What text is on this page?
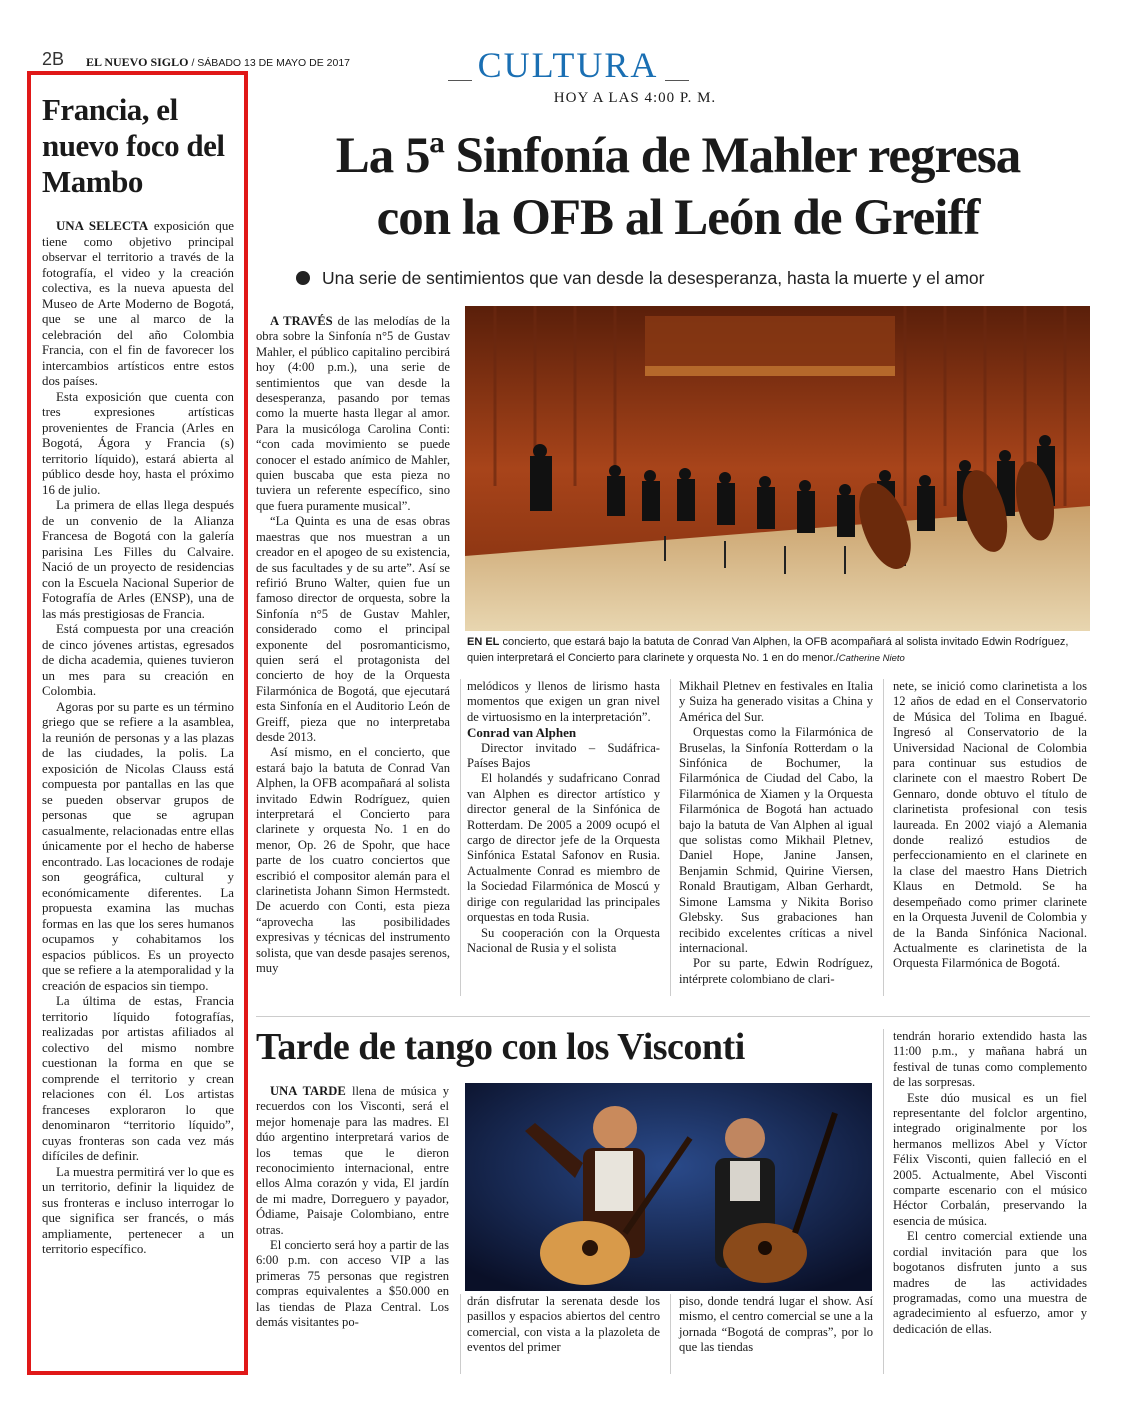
2B EL NUEVO SIGLO / SÁBADO 13 DE MAYO DE 2017	CULTURA
HOY A LAS 4:00 P. M.
La 5ª Sinfonía de Mahler regresa
con la OFB al León de Greiff
Una serie de sentimientos que van desde la desesperanza, hasta la muerte y el amor
Francia, el nuevo foco del Mambo

UNA SELECTA exposición que tiene como objetivo principal observar el territorio a través de la fotografía, el video y la creación colectiva, es la nueva apuesta del Museo de Arte Moderno de Bogotá, que se une al marco de la celebración del año Colombia Francia, con el fin de favorecer los intercambios artísticos entre estos dos países.

Esta exposición que cuenta con tres expresiones artísticas provenientes de Francia (Arles en Bogotá, Ágora y Francia (s) territorio líquido), estará abierta al público desde hoy, hasta el próximo 16 de julio.

La primera de ellas llega después de un convenio de la Alianza Francesa de Bogotá con la galería parisina Les Filles du Calvaire. Nació de un proyecto de residencias con la Escuela Nacional Superior de Fotografía de Arles (ENSP), una de las más prestigiosas de Francia.

Está compuesta por una creación de cinco jóvenes artistas, egresados de dicha academia, quienes tuvieron un mes para su creación en Colombia.

Agoras por su parte es un término griego que se refiere a la asamblea, la reunión de personas y a las plazas de las ciudades, la polis. La exposición de Nicolas Clauss está compuesta por pantallas en las que se pueden observar grupos de personas que se agrupan casualmente, relacionadas entre ellas únicamente por el hecho de haberse encontrado. Las locaciones de rodaje son geográfica, cultural y económicamente diferentes. La propuesta examina las muchas formas en las que los seres humanos ocupamos y cohabitamos los espacios públicos. Es un proyecto que se refiere a la atemporalidad y la creación de espacios sin tiempo.

La última de estas, Francia territorio líquido fotografías, realizadas por artistas afiliados al colectivo del mismo nombre cuestionan la forma en que se comprende el territorio y crean relaciones con él. Los artistas franceses exploraron lo que denominaron “territorio líquido”, cuyas fronteras son cada vez más difíciles de definir.

La muestra permitirá ver lo que es un territorio, definir la liquidez de sus fronteras e incluso interrogar lo que significa ser francés, o más ampliamente, pertenecer a un territorio específico.

A TRAVÉS de las melodías de la obra sobre la Sinfonía n°5 de Gustav Mahler, el público capitalino percibirá hoy (4:00 p.m.), una serie de sentimientos que van desde la desesperanza, pasando por temas como la muerte hasta llegar al amor. Para la musicóloga Carolina Conti: “con cada movimiento se puede conocer el estado anímico de Mahler, quien buscaba que esta pieza no tuviera un referente específico, sino que fuera puramente musical”.

“La Quinta es una de esas obras maestras que nos muestran a un creador en el apogeo de su existencia, de sus facultades y de su arte”. Así se refirió Bruno Walter, quien fue un famoso director de orquesta, sobre la Sinfonía n°5 de Gustav Mahler, considerado como el principal exponente del posromanticismo, quien será el protagonista del concierto de hoy de la Orquesta Filarmónica de Bogotá, que ejecutará esta Sinfonía en el Auditorio León de Greiff, pieza que no interpretaba desde 2013.

Así mismo, en el concierto, que estará bajo la batuta de Conrad Van Alphen, la OFB acompañará al solista invitado Edwin Rodríguez, quien interpretará el Concierto para clarinete y orquesta No. 1 en do menor, Op. 26 de Spohr, que hace parte de los cuatro conciertos que escribió el compositor alemán para el clarinetista Johann Simon Hermstedt. De acuerdo con Conti, esta pieza “aprovecha las posibilidades expresivas y técnicas del instrumento solista, que van desde pasajes serenos, muy

EN EL concierto, que estará bajo la batuta de Conrad Van Alphen, la OFB acompañará al solista invitado Edwin Rodríguez, quien interpretará el Concierto para clarinete y orquesta No. 1 en do menor./Catherine Nieto

melódicos y llenos de lirismo hasta momentos que exigen un gran nivel de virtuosismo en la interpretación”.

Conrad van Alphen

Director invitado – Sudáfrica-Países Bajos

El holandés y sudafricano Conrad van Alphen es director artístico y director general de la Sinfónica de Rotterdam. De 2005 a 2009 ocupó el cargo de director jefe de la Orquesta Sinfónica Estatal Safonov en Rusia. Actualmente Conrad es miembro de la Sociedad Filarmónica de Moscú y dirige con regularidad las principales orquestas en toda Rusia.

Su cooperación con la Orquesta Nacional de Rusia y el solista

Mikhail Pletnev en festivales en Italia y Suiza ha generado visitas a China y América del Sur.

Orquestas como la Filarmónica de Bruselas, la Sinfonía Rotterdam o la Sinfónica de Bochumer, la Filarmónica de Ciudad del Cabo, la Filarmónica de Xiamen y la Orquesta Filarmónica de Bogotá han actuado bajo la batuta de Van Alphen al igual que solistas como Mikhail Pletnev, Daniel Hope, Janine Jansen, Benjamin Schmid, Quirine Viersen, Ronald Brautigam, Alban Gerhardt, Simone Lamsma y Nikita Boriso Glebsky. Sus grabaciones han recibido excelentes críticas a nivel internacional.

Por su parte, Edwin Rodríguez, intérprete colombiano de clari-

nete, se inició como clarinetista a los 12 años de edad en el Conservatorio de Música del Tolima en Ibagué. Ingresó al Conservatorio de la Universidad Nacional de Colombia para continuar sus estudios de clarinete con el maestro Robert De Gennaro, donde obtuvo el título de clarinetista profesional con tesis laureada. En 2002 viajó a Alemania donde realizó estudios de perfeccionamiento en el clarinete en la clase del maestro Hans Dietrich Klaus en Detmold. Se ha desempeñado como primer clarinete en la Orquesta Juvenil de Colombia y de la Banda Sinfónica Nacional. Actualmente es clarinetista de la Orquesta Filarmónica de Bogotá.

Tarde de tango con los Visconti

UNA TARDE llena de música y recuerdos con los Visconti, será el mejor homenaje para las madres. El dúo argentino interpretará varios de los temas que le dieron reconocimiento internacional, entre ellos Alma corazón y vida, El jardín de mi madre, Dorreguero y payador, Ódiame, Paisaje Colombiano, entre otras.

El concierto será hoy a partir de las 6:00 p.m. con acceso VIP a las primeras 75 personas que registren compras equivalentes a $50.000 en las tiendas de Plaza Central. Los demás visitantes po-

drán disfrutar la serenata desde los pasillos y espacios abiertos del centro comercial, con vista a la plazoleta de eventos del primer

piso, donde tendrá lugar el show. Así mismo, el centro comercial se une a la jornada “Bogotá de compras”, por lo que las tiendas

tendrán horario extendido hasta las 11:00 p.m., y mañana habrá un festival de tunas como complemento de las sorpresas.

Este dúo musical es un fiel representante del folclor argentino, integrado originalmente por los hermanos mellizos Abel y Víctor Félix Visconti, quien falleció en el 2005. Actualmente, Abel Visconti comparte escenario con el músico Héctor Corbalán, preservando la esencia de música.

El centro comercial extiende una cordial invitación para que los bogotanos disfruten junto a sus madres de las actividades programadas, como una muestra de agradecimiento al esfuerzo, amor y dedicación de ellas.
